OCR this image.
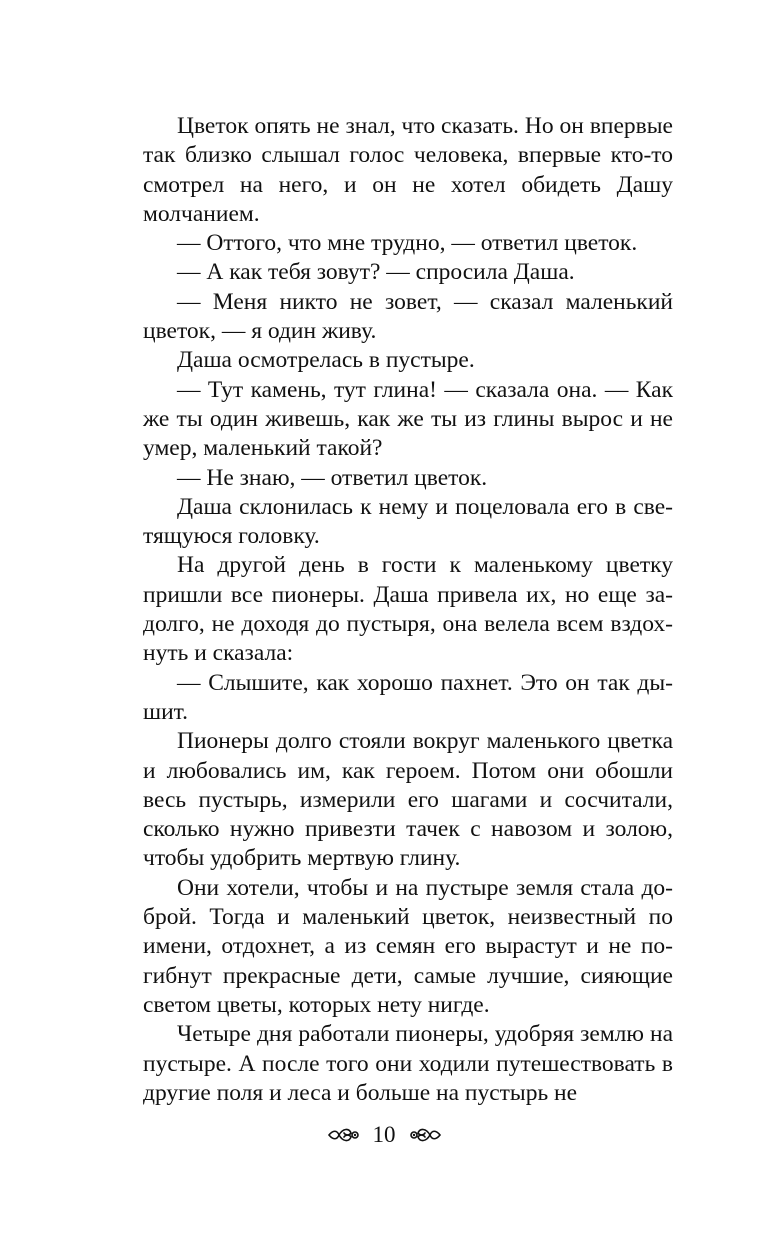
Цветок опять не знал, что сказать. Но он впервые так близко слышал голос человека, впервые кто-то смотрел на него, и он не хотел обидеть Дашу молчанием.

— Оттого, что мне трудно, — ответил цветок.

— А как тебя зовут? — спросила Даша.

— Меня никто не зовет, — сказал маленький цветок, — я один живу.

Даша осмотрелась в пустыре.

— Тут камень, тут глина! — сказала она. — Как же ты один живешь, как же ты из глины вырос и не умер, маленький такой?

— Не знаю, — ответил цветок.

Даша склонилась к нему и поцеловала его в светящуюся головку.

На другой день в гости к маленькому цветку пришли все пионеры. Даша привела их, но еще задолго, не доходя до пустыря, она велела всем вздохнуть и сказала:

— Слышите, как хорошо пахнет. Это он так дышит.

Пионеры долго стояли вокруг маленького цветка и любовались им, как героем. Потом они обошли весь пустырь, измерили его шагами и сосчитали, сколько нужно привезти тачек с навозом и золою, чтобы удобрить мертвую глину.

Они хотели, чтобы и на пустыре земля стала доброй. Тогда и маленький цветок, неизвестный по имени, отдохнет, а из семян его вырастут и не погибнут прекрасные дети, самые лучшие, сияющие светом цветы, которых нету нигде.

Четыре дня работали пионеры, удобряя землю на пустыре. А после того они ходили путешествовать в другие поля и леса и больше на пустырь не

10
